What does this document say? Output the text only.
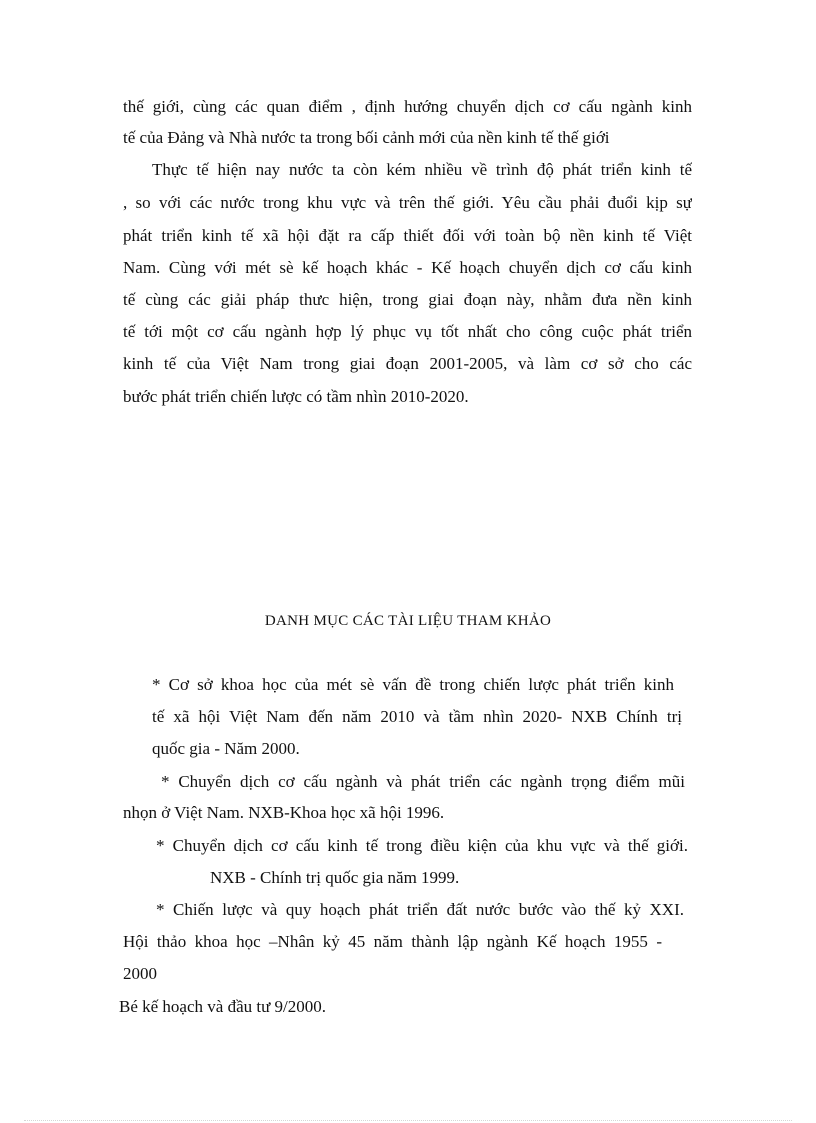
thế giới, cùng các quan điểm , định hướng chuyển dịch cơ cấu ngành kinh

tế của Đảng và Nhà nước ta trong bối cảnh mới của nền kinh tế thế giới

Thực tế hiện nay nước ta còn kém nhiều về trình độ phát triển kinh tế

, so với các nước trong khu vực và trên thế giới. Yêu cầu phải đuổi kịp sự

phát triển kinh tế xã hội đặt ra cấp thiết đối với toàn bộ nền kinh tế Việt

Nam. Cùng với mét sè kế hoạch khác - Kế hoạch chuyển dịch cơ cấu kinh

tế cùng các giải pháp thưc hiện, trong giai đoạn này, nhằm đưa nền kinh

tế tới một cơ cấu ngành hợp lý phục vụ tốt nhất cho công cuộc phát triển

kinh tế của Việt Nam trong giai đoạn 2001-2005, và làm cơ sở cho các

bước phát triển chiến lược có tầm nhìn 2010-2020.

DANH MỤC CÁC TÀI LIỆU THAM KHẢO

* Cơ sở khoa học của mét sè vấn đề trong chiến lược phát triển kinh

tế xã hội Việt Nam đến năm 2010 và tầm nhìn 2020- NXB Chính trị

quốc gia - Năm 2000.

* Chuyển dịch cơ cấu ngành và phát triển các ngành trọng điểm mũi

nhọn ở Việt Nam. NXB-Khoa học xã hội 1996.

* Chuyển dịch cơ cấu kinh tế trong điều kiện của khu vực và thế giới.

NXB - Chính trị quốc gia năm 1999.

* Chiến lược và quy hoạch phát triển đất nước bước vào thế kỷ XXI.

Hội thảo khoa học –Nhân kỷ 45 năm thành lập ngành Kế hoạch 1955 -

2000

Bé kế hoạch và đầu tư 9/2000.
